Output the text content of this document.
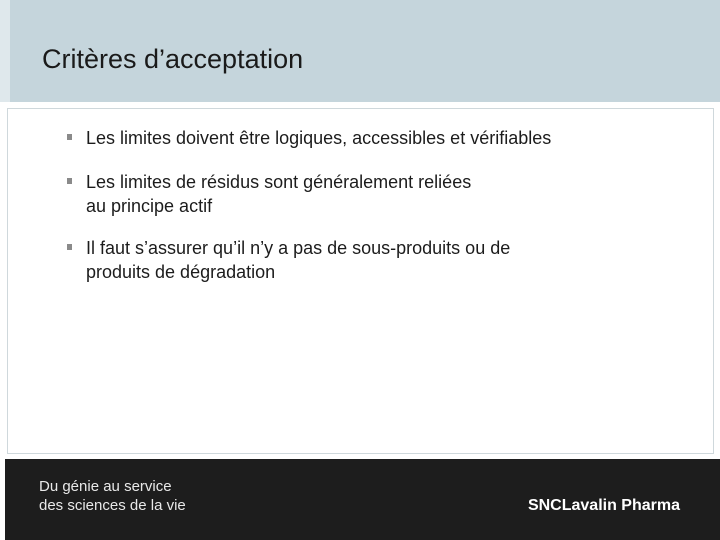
Critères d’acceptation
Les limites doivent être logiques, accessibles et vérifiables
Les limites de résidus sont généralement reliées
au principe actif
Il faut s’assurer qu’il n’y a pas de sous-produits ou de
produits de dégradation
Du génie au service
des sciences de la vie	SNCLavalin Pharma
